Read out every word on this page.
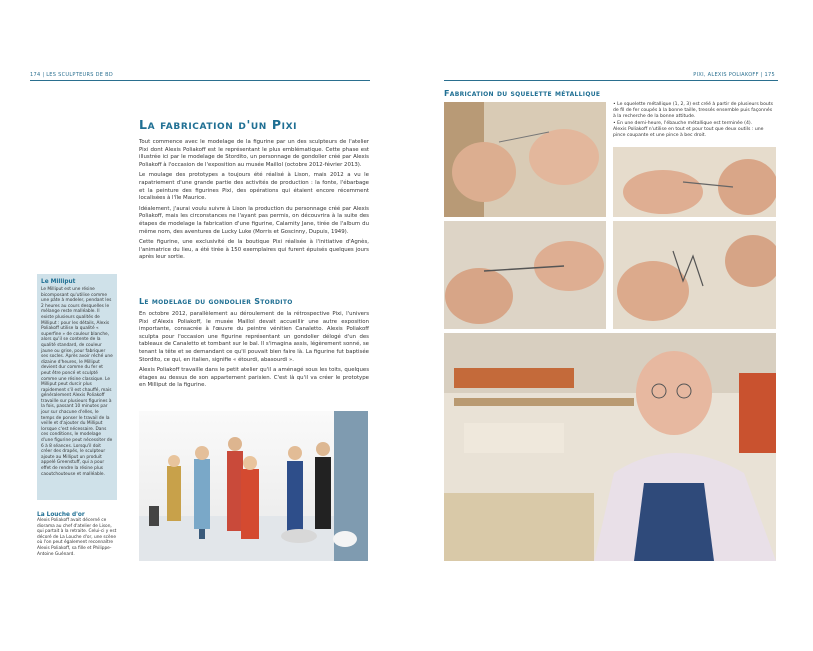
174 | LES SCULPTEURS DE BD	PIXI, ALEXIS POLIAKOFF | 175
La fabrication d'un Pixi

Tout commence avec le modelage de la figurine par un des sculpteurs de l'atelier Pixi dont Alexis Poliakoff est le représentant le plus emblématique. Cette phase est illustrée ici par le modelage de Stordito, un personnage de gondolier créé par Alexis Poliakoff à l'occasion de l'exposition au musée Maillol (octobre 2012-février 2013).

Le moulage des prototypes a toujours été réalisé à Lison, mais 2012 a vu le rapatriement d'une grande partie des activités de production : la fonte, l'ébarbage et la peinture des figurines Pixi, des opérations qui étaient encore récemment localisées à l'île Maurice.

Idéalement, j'aurai voulu suivre à Lison la production du personnage créé par Alexis Poliakoff, mais les circonstances ne l'ayant pas permis, on découvrira à la suite des étapes de modelage la fabrication d'une figurine, Calamity Jane, tirée de l'album du même nom, des aventures de Lucky Luke (Morris et Goscinny, Dupuis, 1949).

Cette figurine, une exclusivité de la boutique Pixi réalisée à l'initiative d'Agnès, l'animatrice du lieu, a été tirée à 150 exemplaires qui furent épuisés quelques jours après leur sortie.

Le modelage du gondolier Stordito

En octobre 2012, parallèlement au déroulement de la rétrospective Pixi, l'univers Pixi d'Alexis Poliakoff, le musée Maillol devait accueillir une autre exposition importante, consacrée à l'œuvre du peintre vénitien Canaletto. Alexis Poliakoff sculpta pour l'occasion une figurine représentant un gondolier délogé d'un des tableaux de Canaletto et tombant sur le bal. Il s'imagina assis, légèrement sonné, se tenant la tête et se demandant ce qu'il pouvait bien faire là. La figurine fut baptisée Stordito, ce qui, en italien, signifie « étourdi, abasourdi ».

Alexis Poliakoff travaille dans le petit atelier qu'il a aménagé sous les toits, quelques étages au dessus de son appartement parisien. C'est là qu'il va créer le prototype en Milliput de la figurine.

Le Milliput
Le Milliput est une résine bicomposant qu'utilise comme une pâte à modeler, pendant les 2 heures au cours desquelles le mélange reste malléable. Il existe plusieurs qualités de Milliput : pour les détails, Alexis Poliakoff utilise la qualité « superfine » de couleur blanche, alors qu'il se contente de la qualité standard, de couleur jaune ou grise, pour fabriquer ses socles. Après avoir réché une dizaine d'heures, le Milliput devient dur comme du fer et peut être poncé et sculpté comme une résine classique. Le Milliput peut durcir plus rapidement s'il est chauffé, mais généralement Alexis Poliakoff travaille sur plusieurs figurines à la fois, passant 10 minutes par jour sur chacune d'elles, le temps de ponser le travail de la veille et d'ajouter du Milliput lorsque c'est nécessaire. Dans ces conditions, le modelage d'une figurine peut nécessiter de 6 à 8 séances. Lorsqu'il doit créer des drapés, le sculpteur ajoute au Milliput un produit appelé Greenstuff, qui a pour effet de rendre la résine plus caoutchouteuse et malléable.
La Louche d'or
Alexis Poliakoff avait décerné ce diorama au chef d'atelier de Lison, qui partait à la retraite. Celui-ci y est décoré de La Louche d'or, une scène où l'on peut également reconnaître Alexis Poliakoff, sa fille et Philippe-Antoine Guénard.
Fabrication du squelette métallique
• Le squelette métallique (1, 2, 3) est créé à partir de plusieurs bouts de fil de fer coupés à la bonne taille, tressés ensemble puis façonnés à la recherche de la bonne attitude.
• En une demi-heure, l'ébauche métallique est terminée (4).
Alexis Poliakoff n'utilise en tout et pour tout que deux outils : une pince coupante et une pince à bec droit.
